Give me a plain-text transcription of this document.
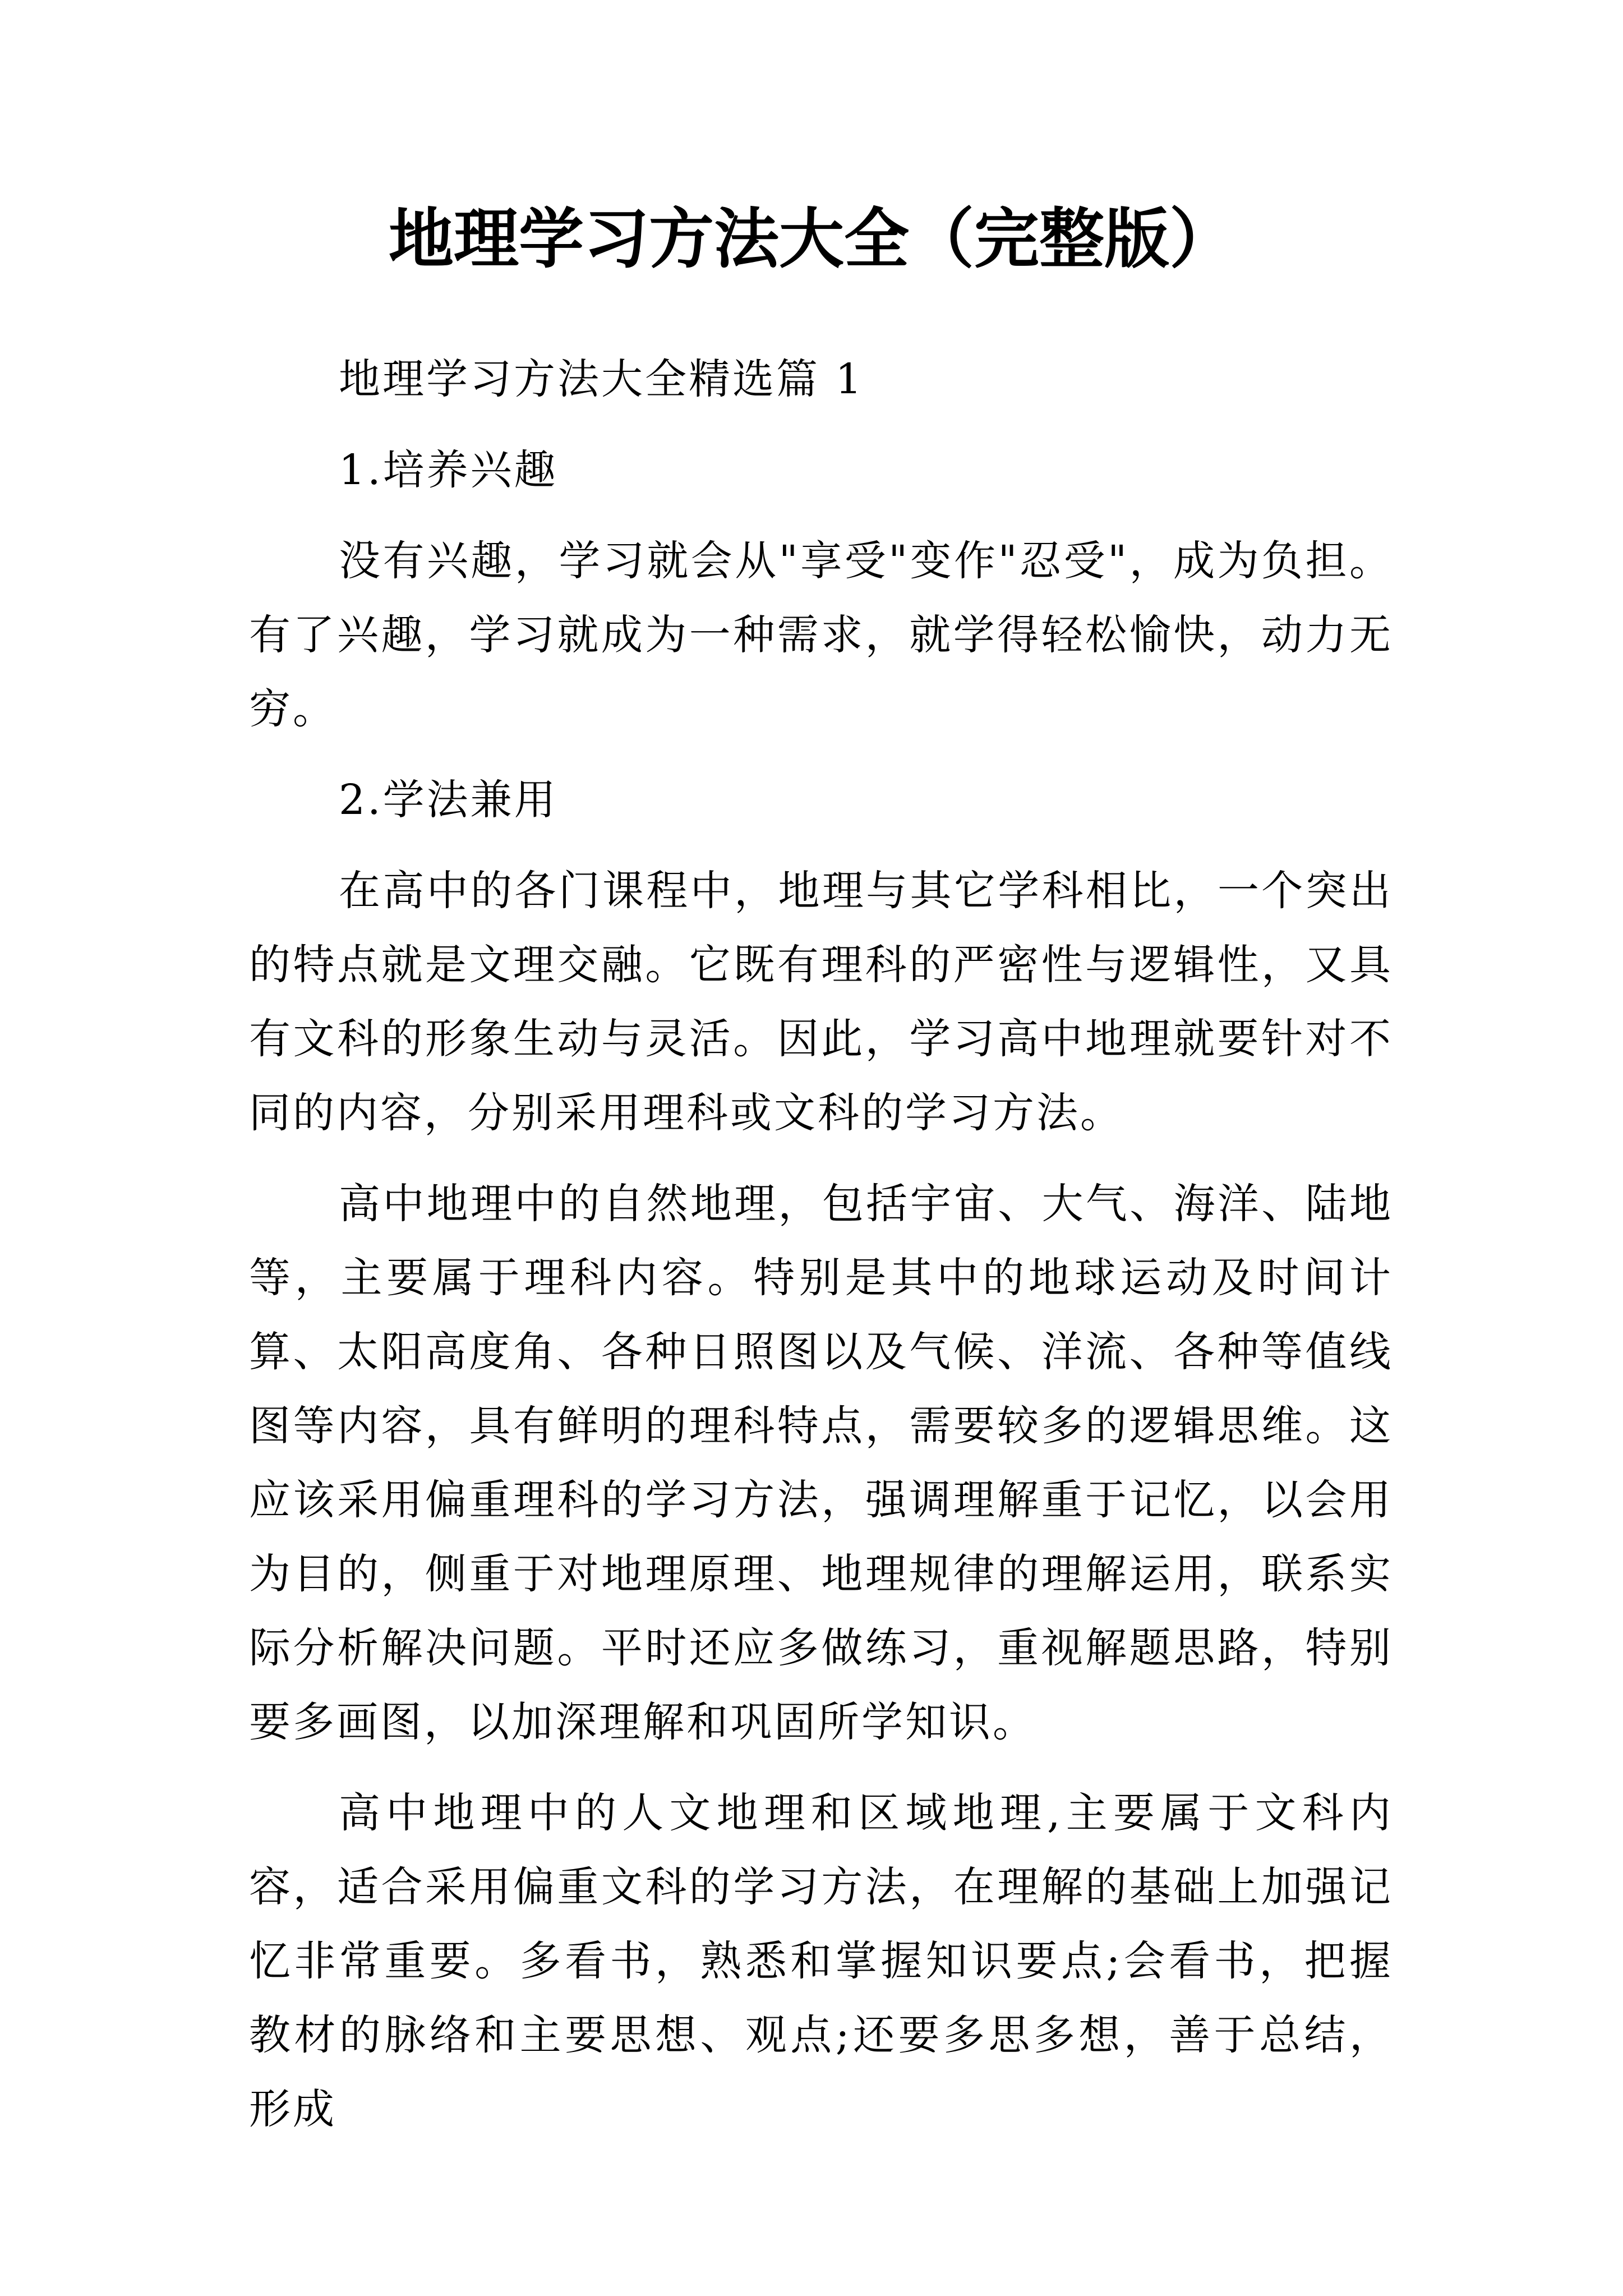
地理学习方法大全（完整版）

地理学习方法大全精选篇 1

1.培养兴趣

没有兴趣，学习就会从"享受"变作"忍受"，成为负担。有了兴趣，学习就成为一种需求，就学得轻松愉快，动力无穷。

2.学法兼用

在高中的各门课程中，地理与其它学科相比，一个突出的特点就是文理交融。它既有理科的严密性与逻辑性，又具有文科的形象生动与灵活。因此，学习高中地理就要针对不同的内容，分别采用理科或文科的学习方法。

高中地理中的自然地理，包括宇宙、大气、海洋、陆地等，主要属于理科内容。特别是其中的地球运动及时间计算、太阳高度角、各种日照图以及气候、洋流、各种等值线图等内容，具有鲜明的理科特点，需要较多的逻辑思维。这应该采用偏重理科的学习方法，强调理解重于记忆，以会用为目的，侧重于对地理原理、地理规律的理解运用，联系实际分析解决问题。平时还应多做练习，重视解题思路，特别要多画图，以加深理解和巩固所学知识。

高中地理中的人文地理和区域地理,主要属于文科内容，适合采用偏重文科的学习方法，在理解的基础上加强记忆非常重要。多看书，熟悉和掌握知识要点;会看书，把握教材的脉络和主要思想、观点;还要多思多想，善于总结，形成
